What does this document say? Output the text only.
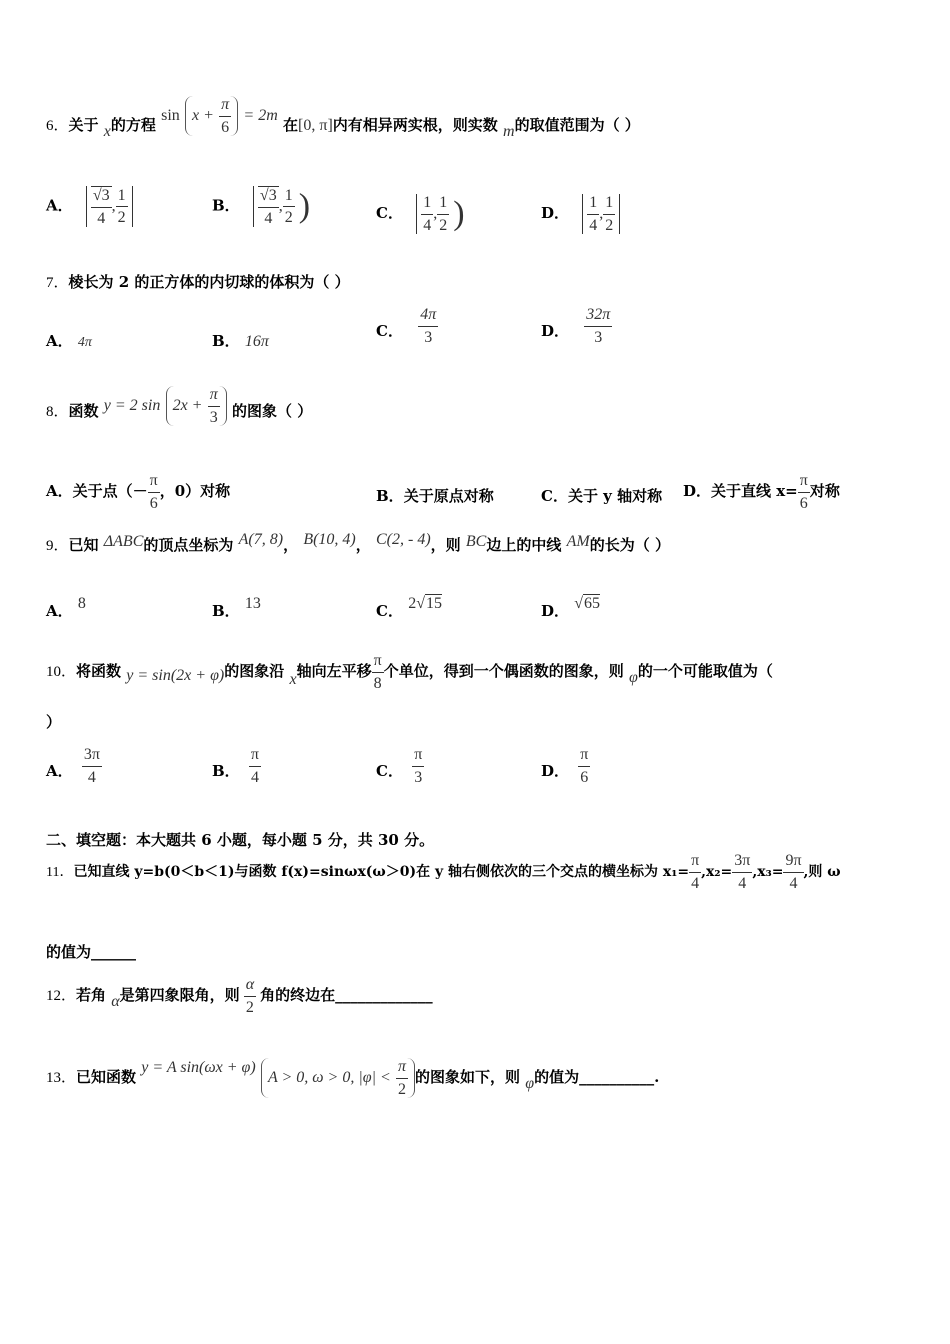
6．关于 x的方程 $\sin x + \frac{\pi}{6} = 2m$ 在[0, π]内有相异两实根，则实数 m的取值范围为（ ）
A． $\frac{√3}{4}$ , $\frac{1}{2}$	B． $\frac{√3}{4}$ , $\frac{1}{2}$ )	C． $\frac{1}{4}$ , $\frac{1}{2}$ )	D． $\frac{1}{4}$ , $\frac{1}{2}$
7．棱长为 2 的正方体的内切球的体积为（ ）
A． 4π	B． 16π
C． $\frac{4\pi}{3}$	D． $\frac{32\pi}{3}$
8．函数 y = 2 $\sin 2x + \frac{\pi}{3}$ 的图象（ ）
A．关于点（－ $\frac{\pi}{6}$ ，0）对称	B．关于原点对称	C．关于 y 轴对称 D．关于直线 $x= \frac{\pi}{6}$ 对称
9．已知 ΔABC的顶点坐标为 A(7, 8)， B(10, 4)， C(2, - 4)，则 BC边上的中线 AM的长为（ ）
A． 8	B． 13	C． 2√15	D． √65
10．将函数 y = sin(2x + φ)的图象沿 x轴向左平移 $\frac{\pi}{8}$ 个单位，得到一个偶函数的图象，则 φ的一个可能取值为（
）
A． $\frac{3\pi}{4}$	B． $\frac{\pi}{4}$	C． $\frac{\pi}{3}$	D． $\frac{\pi}{6}$
二、填空题：本大题共 6 小题，每小题 5 分，共 30 分。
11．已知直线 y=b(0＜b＜1)与函数 f(x)=sinωx(ω＞0)在 y 轴右侧依次的三个交点的横坐标为 $x_1= \frac{\pi}{4} ,x_2= \frac{3\pi}{4} ,x_3= \frac{9\pi}{4}$ ,则 ω
的值为______
12．若角 α是第四象限角，则 $\frac{\alpha}{2}$ 角的终边在_____________
13．已知函数 y = A sin(ωx + φ) A > 0, ω > 0, $|\varphi| < \frac{\pi}{2}$ 的图象如下，则 φ的值为__________.
